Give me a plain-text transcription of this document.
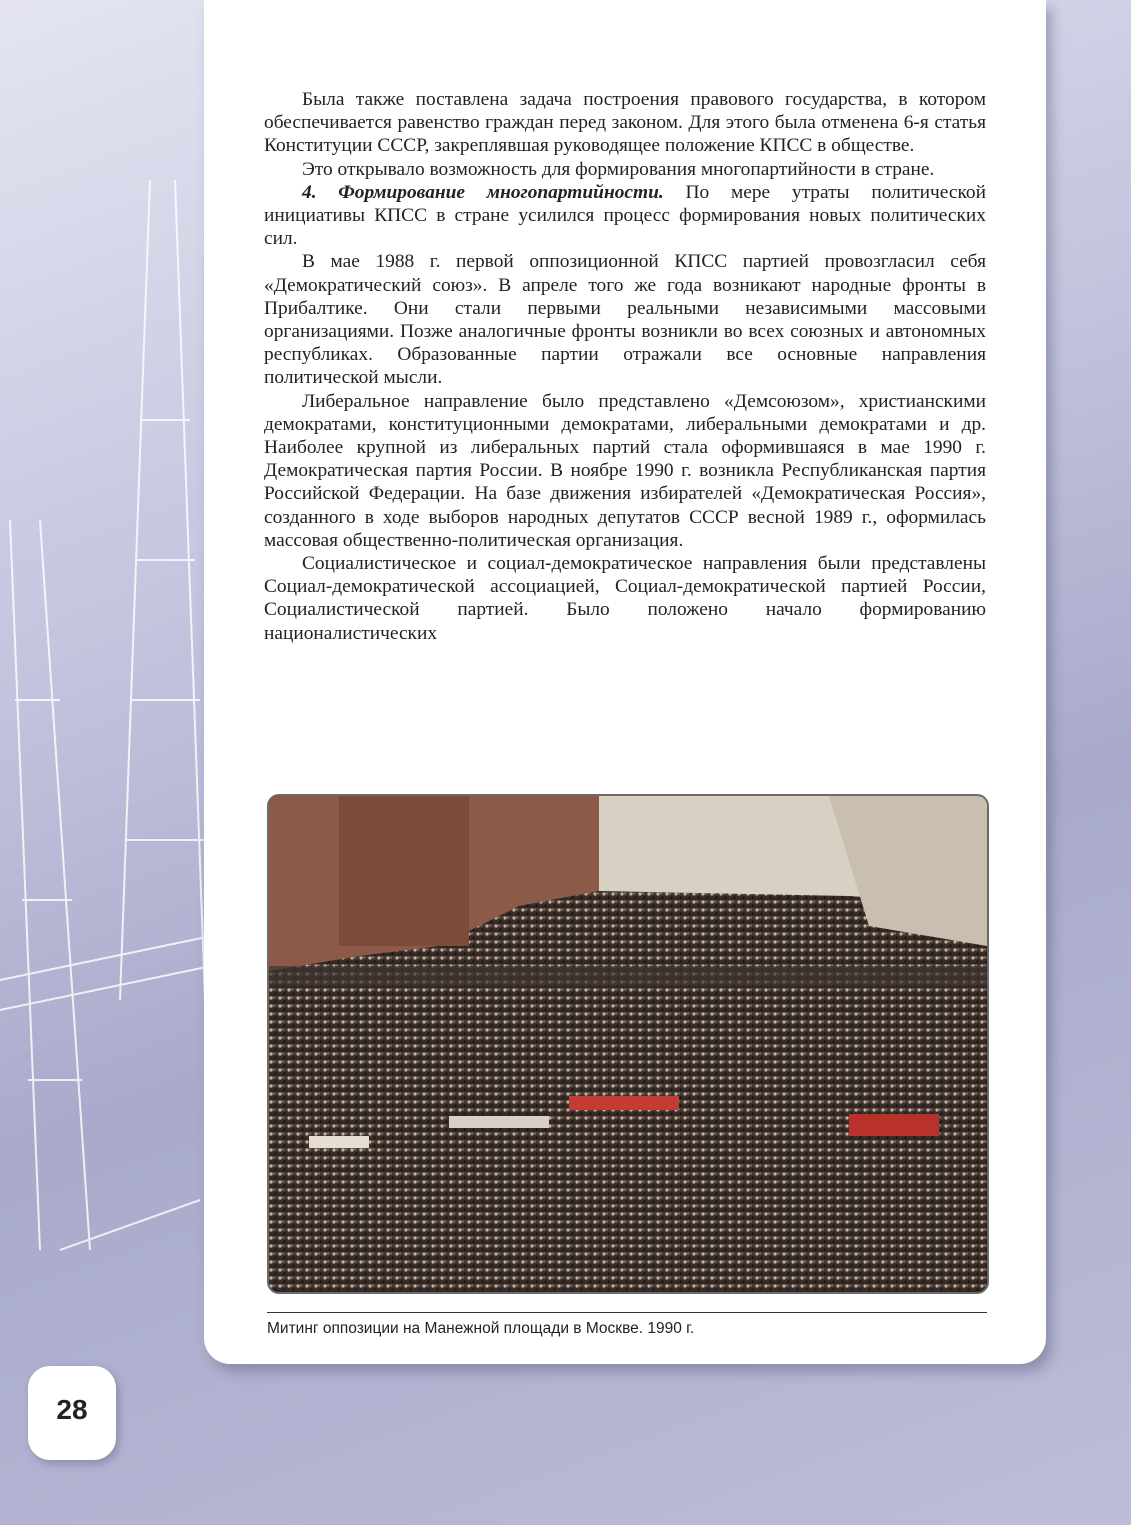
Была также поставлена задача построения правового государства, в котором обеспечивается равенство граждан перед законом. Для этого была отменена 6-я статья Конституции СССР, закреплявшая руководящее положение КПСС в обществе.

Это открывало возможность для формирования многопартийности в стране.

4. Формирование многопартийности. По мере утраты политической инициативы КПСС в стране усилился процесс формирования новых политических сил.

В мае 1988 г. первой оппозиционной КПСС партией провозгласил себя «Демократический союз». В апреле того же года возникают народные фронты в Прибалтике. Они стали первыми реальными независимыми массовыми организациями. Позже аналогичные фронты возникли во всех союзных и автономных республиках. Образованные партии отражали все основные направления политической мысли.

Либеральное направление было представлено «Демсоюзом», христианскими демократами, конституционными демократами, либеральными демократами и др. Наиболее крупной из либеральных партий стала оформившаяся в мае 1990 г. Демократическая партия России. В ноябре 1990 г. возникла Республиканская партия Российской Федерации. На базе движения избирателей «Демократическая Россия», созданного в ходе выборов народных депутатов СССР весной 1989 г., оформилась массовая общественно-политическая организация.

Социалистическое и социал-демократическое направления были представлены Социал-демократической ассоциацией, Социал-демократической партией России, Социалистической партией. Было положено начало формированию националистических

Митинг оппозиции на Манежной площади в Москве. 1990 г.
28
